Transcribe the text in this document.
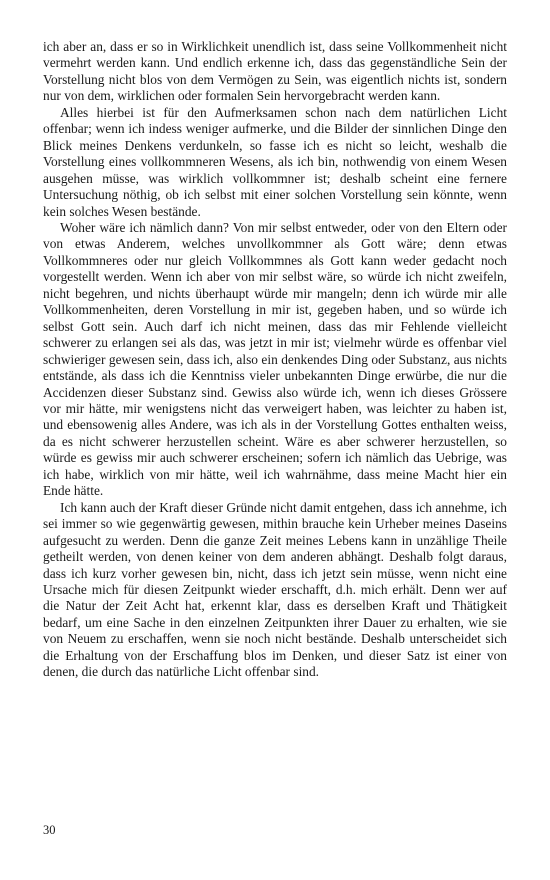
ich aber an, dass er so in Wirklichkeit unendlich ist, dass seine Vollkommenheit nicht vermehrt werden kann. Und endlich erkenne ich, dass das gegenständliche Sein der Vorstellung nicht blos von dem Vermögen zu Sein, was eigentlich nichts ist, sondern nur von dem, wirklichen oder formalen Sein hervorgebracht werden kann.

Alles hierbei ist für den Aufmerksamen schon nach dem natürlichen Licht offenbar; wenn ich indess weniger aufmerke, und die Bilder der sinnlichen Dinge den Blick meines Denkens verdunkeln, so fasse ich es nicht so leicht, weshalb die Vorstellung eines vollkommneren Wesens, als ich bin, nothwendig von einem Wesen ausgehen müsse, was wirklich vollkommner ist; deshalb scheint eine fernere Untersuchung nöthig, ob ich selbst mit einer solchen Vorstellung sein könnte, wenn kein solches Wesen bestände.

Woher wäre ich nämlich dann? Von mir selbst entweder, oder von den Eltern oder von etwas Anderem, welches unvollkommner als Gott wäre; denn etwas Vollkommneres oder nur gleich Vollkommnes als Gott kann weder gedacht noch vorgestellt werden. Wenn ich aber von mir selbst wäre, so würde ich nicht zweifeln, nicht begehren, und nichts überhaupt würde mir mangeln; denn ich würde mir alle Vollkommenheiten, deren Vorstellung in mir ist, gegeben haben, und so würde ich selbst Gott sein. Auch darf ich nicht meinen, dass das mir Fehlende vielleicht schwerer zu erlangen sei als das, was jetzt in mir ist; vielmehr würde es offenbar viel schwieriger gewesen sein, dass ich, also ein denkendes Ding oder Substanz, aus nichts entstände, als dass ich die Kenntniss vieler unbekannten Dinge erwürbe, die nur die Accidenzen dieser Substanz sind. Gewiss also würde ich, wenn ich dieses Grössere vor mir hätte, mir wenigstens nicht das verweigert haben, was leichter zu haben ist, und ebensowenig alles Andere, was ich als in der Vorstellung Gottes enthalten weiss, da es nicht schwerer herzustellen scheint. Wäre es aber schwerer herzustellen, so würde es gewiss mir auch schwerer erscheinen; sofern ich nämlich das Uebrige, was ich habe, wirklich von mir hätte, weil ich wahrnähme, dass meine Macht hier ein Ende hätte.

Ich kann auch der Kraft dieser Gründe nicht damit entgehen, dass ich annehme, ich sei immer so wie gegenwärtig gewesen, mithin brauche kein Urheber meines Daseins aufgesucht zu werden. Denn die ganze Zeit meines Lebens kann in unzählige Theile getheilt werden, von denen keiner von dem anderen abhängt. Deshalb folgt daraus, dass ich kurz vorher gewesen bin, nicht, dass ich jetzt sein müsse, wenn nicht eine Ursache mich für diesen Zeitpunkt wieder erschafft, d.h. mich erhält. Denn wer auf die Natur der Zeit Acht hat, erkennt klar, dass es derselben Kraft und Thätigkeit bedarf, um eine Sache in den einzelnen Zeitpunkten ihrer Dauer zu erhalten, wie sie von Neuem zu erschaffen, wenn sie noch nicht bestände. Deshalb unterscheidet sich die Erhaltung von der Erschaffung blos im Denken, und dieser Satz ist einer von denen, die durch das natürliche Licht offenbar sind.

30
